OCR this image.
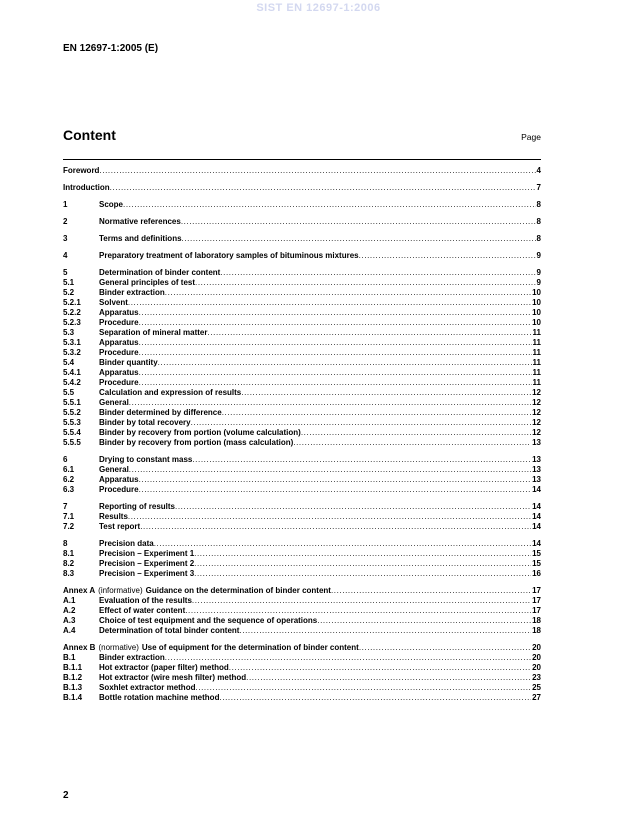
SIST EN 12697-1:2006
EN 12697-1:2005 (E)
Content	Page
Foreword .....	4
Introduction .....	7
1	Scope .....	8
2	Normative references .....	8
3	Terms and definitions .....	8
4	Preparatory treatment of laboratory samples of bituminous mixtures .....	9
5	Determination of binder content .....	9
5.1	General principles of test .....	9
5.2	Binder extraction .....	10
5.2.1	Solvent .....	10
5.2.2	Apparatus .....	10
5.2.3	Procedure .....	10
5.3	Separation of mineral matter .....	11
5.3.1	Apparatus .....	11
5.3.2	Procedure .....	11
5.4	Binder quantity .....	11
5.4.1	Apparatus .....	11
5.4.2	Procedure .....	11
5.5	Calculation and expression of results .....	12
5.5.1	General .....	12
5.5.2	Binder determined by difference .....	12
5.5.3	Binder by total recovery .....	12
5.5.4	Binder by recovery from portion (volume calculation) .....	12
5.5.5	Binder by recovery from portion (mass calculation) .....	13
6	Drying to constant mass .....	13
6.1	General .....	13
6.2	Apparatus .....	13
6.3	Procedure .....	14
7	Reporting of results .....	14
7.1	Results .....	14
7.2	Test report .....	14
8	Precision data .....	14
8.1	Precision – Experiment 1 .....	15
8.2	Precision – Experiment 2 .....	15
8.3	Precision – Experiment 3 .....	16
Annex A (informative) Guidance on the determination of binder content .....	17
A.1	Evaluation of the results .....	17
A.2	Effect of water content .....	17
A.3	Choice of test equipment and the sequence of operations .....	18
A.4	Determination of total binder content .....	18
Annex B (normative) Use of equipment for the determination of binder content .....	20
B.1	Binder extraction .....	20
B.1.1	Hot extractor (paper filter) method .....	20
B.1.2	Hot extractor (wire mesh filter) method .....	23
B.1.3	Soxhlet extractor method .....	25
B.1.4	Bottle rotation machine method .....	27
2
